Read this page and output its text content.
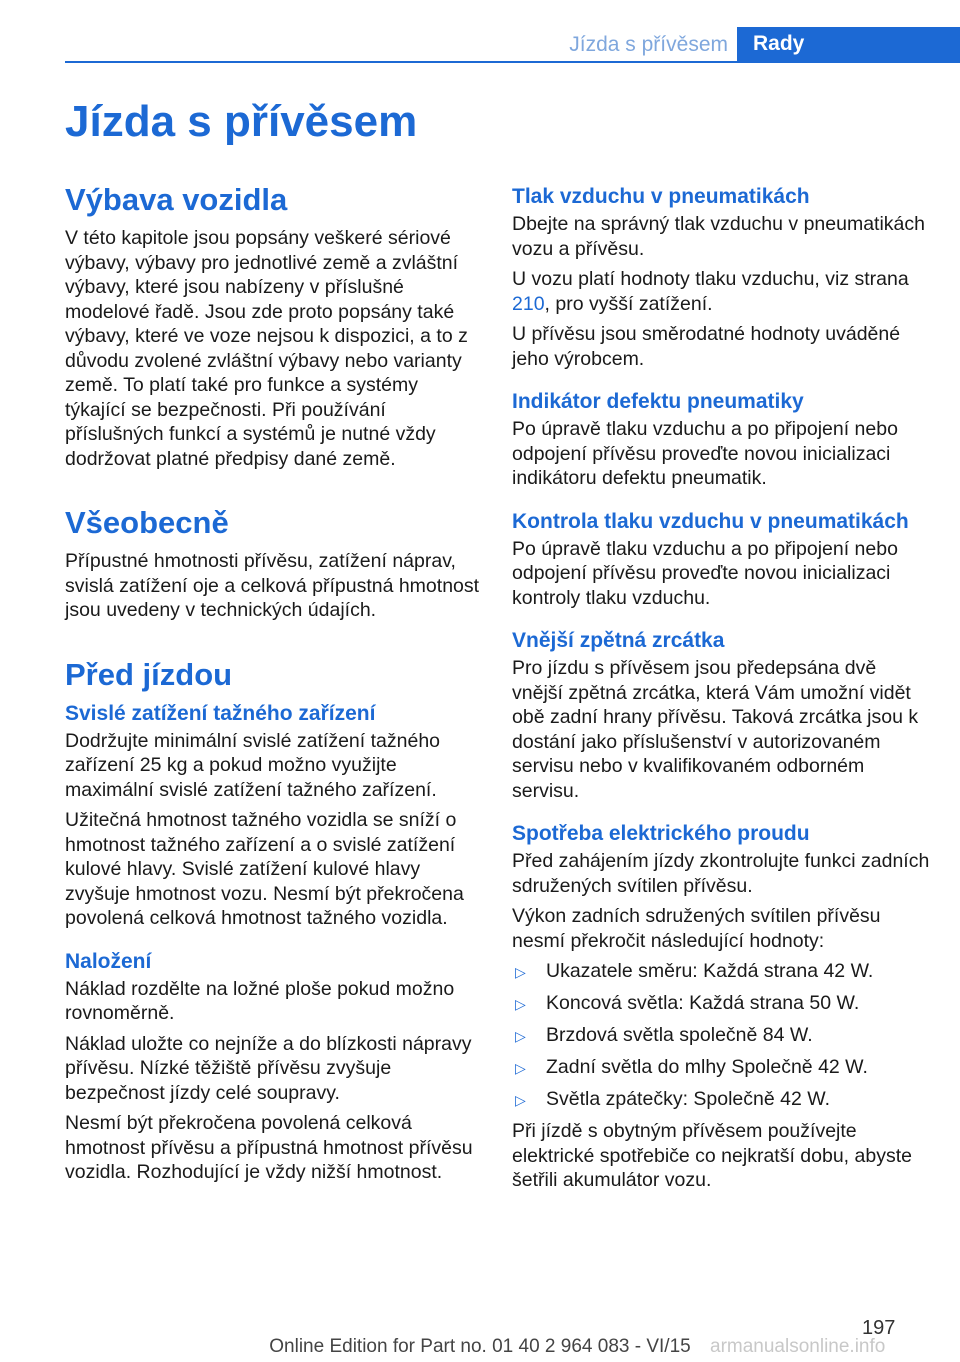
Jízda s přívěsem	Rady
Jízda s přívěsem
Výbava vozidla

V této kapitole jsou popsány veškeré sériové výbavy, výbavy pro jednotlivé země a zvláštní výbavy, které jsou nabízeny v příslušné modelové řadě. Jsou zde proto popsány také výbavy, které ve voze nejsou k dispozici, a to z důvodu zvolené zvláštní výbavy nebo varianty země. To platí také pro funkce a systémy týkající se bezpečnosti. Při používání příslušných funkcí a systémů je nutné vždy dodržovat platné předpisy dané země.

Všeobecně

Přípustné hmotnosti přívěsu, zatížení náprav, svislá zatížení oje a celková přípustná hmotnost jsou uvedeny v technických údajích.

Před jízdou
Svislé zatížení tažného zařízení

Dodržujte minimální svislé zatížení tažného zařízení 25 kg a pokud možno využijte maximální svislé zatížení tažného zařízení.

Užitečná hmotnost tažného vozidla se sníží o hmotnost tažného zařízení a o svislé zatížení kulové hlavy. Svislé zatížení kulové hlavy zvyšuje hmotnost vozu. Nesmí být překročena povolená celková hmotnost tažného vozidla.

Naložení

Náklad rozdělte na ložné ploše pokud možno rovnoměrně.

Náklad uložte co nejníže a do blízkosti nápravy přívěsu. Nízké těžiště přívěsu zvyšuje bezpečnost jízdy celé soupravy.

Nesmí být překročena povolená celková hmotnost přívěsu a přípustná hmotnost přívěsu vozidla. Rozhodující je vždy nižší hmotnost.

Tlak vzduchu v pneumatikách

Dbejte na správný tlak vzduchu v pneumatikách vozu a přívěsu.

U vozu platí hodnoty tlaku vzduchu, viz strana 210, pro vyšší zatížení.

U přívěsu jsou směrodatné hodnoty uváděné jeho výrobcem.

Indikátor defektu pneumatiky

Po úpravě tlaku vzduchu a po připojení nebo odpojení přívěsu proveďte novou inicializaci indikátoru defektu pneumatik.

Kontrola tlaku vzduchu v pneumatikách

Po úpravě tlaku vzduchu a po připojení nebo odpojení přívěsu proveďte novou inicializaci kontroly tlaku vzduchu.

Vnější zpětná zrcátka

Pro jízdu s přívěsem jsou předepsána dvě vnější zpětná zrcátka, která Vám umožní vidět obě zadní hrany přívěsu. Taková zrcátka jsou k dostání jako příslušenství v autorizovaném servisu nebo v kvalifikovaném odborném servisu.

Spotřeba elektrického proudu

Před zahájením jízdy zkontrolujte funkci zadních sdružených svítilen přívěsu.

Výkon zadních sdružených svítilen přívěsu nesmí překročit následující hodnoty:

▷ Ukazatele směru: Každá strana 42 W.
▷ Koncová světla: Každá strana 50 W.
▷ Brzdová světla společně 84 W.
▷ Zadní světla do mlhy Společně 42 W.
▷ Světla zpátečky: Společně 42 W.

Při jízdě s obytným přívěsem používejte elektrické spotřebiče co nejkratší dobu, abyste šetřili akumulátor vozu.

197
Online Edition for Part no. 01 40 2 964 083 - VI/15 armanualsonline.info
